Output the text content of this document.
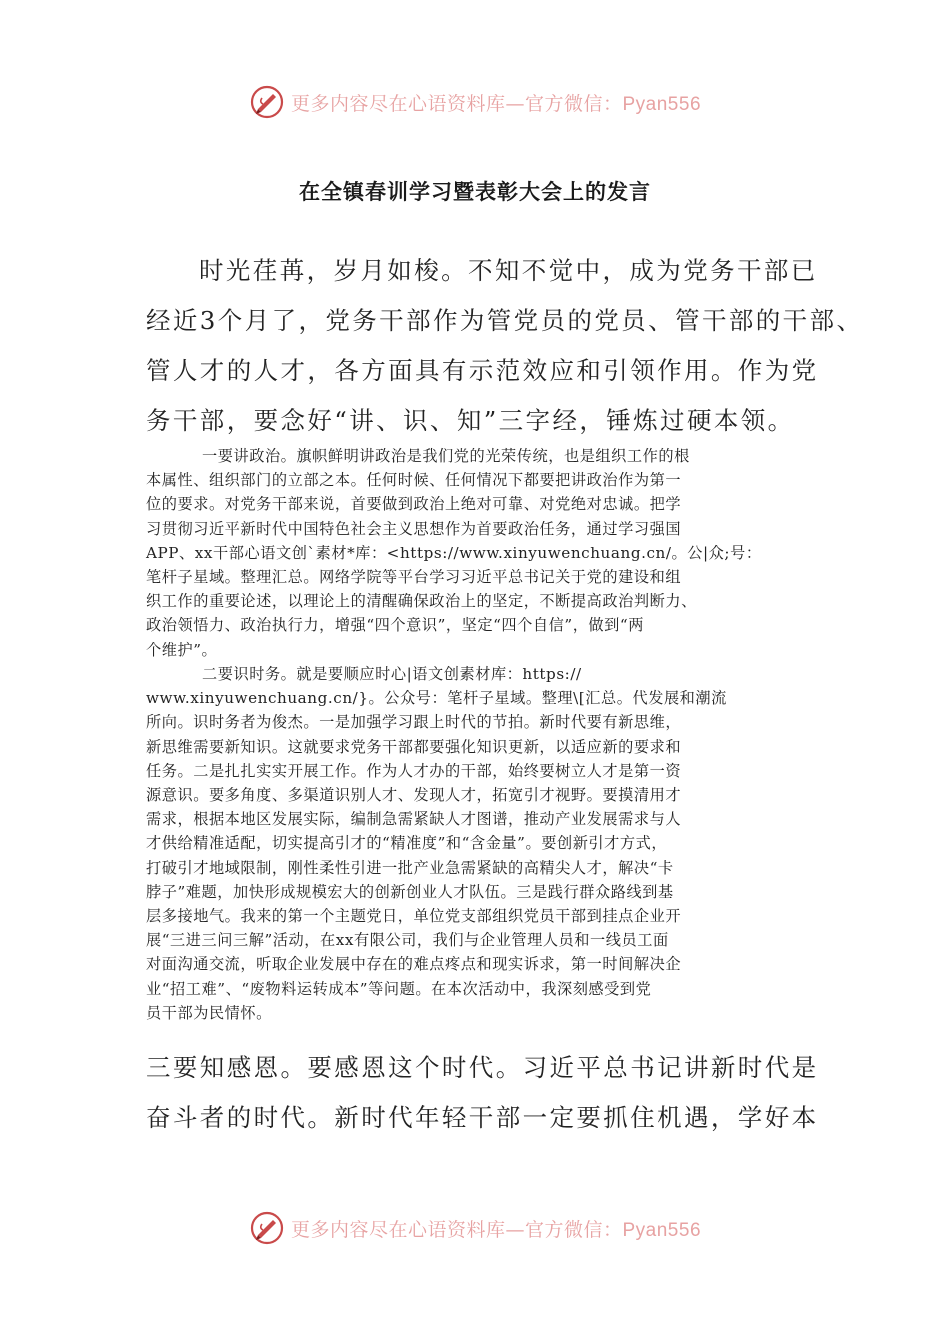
更多内容尽在心语资料库—官方微信：Pyan556
在全镇春训学习暨表彰大会上的发言
时光荏苒，岁月如梭。不知不觉中，成为党务干部已
经近3个月了，党务干部作为管党员的党员、管干部的干部、
管人才的人才，各方面具有示范效应和引领作用。作为党
务干部，要念好“讲、识、知”三字经，锤炼过硬本领。
一要讲政治。旗帜鲜明讲政治是我们党的光荣传统，也是组织工作的根
本属性、组织部门的立部之本。任何时候、任何情况下都要把讲政治作为第一
位的要求。对党务干部来说，首要做到政治上绝对可靠、对党绝对忠诚。把学
习贯彻习近平新时代中国特色社会主义思想作为首要政治任务，通过学习强国
APP、xx干部心语文创`素材*库：<https://www.xinyuwenchuang.cn/。公|众;号：
笔杆子星域。整理汇总。网络学院等平台学习习近平总书记关于党的建设和组
织工作的重要论述，以理论上的清醒确保政治上的坚定，不断提高政治判断力、
政治领悟力、政治执行力，增强“四个意识”，坚定“四个自信”，做到“两
个维护”。
二要识时务。就是要顺应时心|语文创素材库：https://
www.xinyuwenchuang.cn/}。公众号：笔杆子星域。整理\[汇总。代发展和潮流
所向。识时务者为俊杰。一是加强学习跟上时代的节拍。新时代要有新思维，
新思维需要新知识。这就要求党务干部都要强化知识更新，以适应新的要求和
任务。二是扎扎实实开展工作。作为人才办的干部，始终要树立人才是第一资
源意识。要多角度、多渠道识别人才、发现人才，拓宽引才视野。要摸清用才
需求，根据本地区发展实际，编制急需紧缺人才图谱，推动产业发展需求与人
才供给精准适配，切实提高引才的“精准度”和“含金量”。要创新引才方式，
打破引才地域限制，刚性柔性引进一批产业急需紧缺的高精尖人才，解决“卡
脖子”难题，加快形成规模宏大的创新创业人才队伍。三是践行群众路线到基
层多接地气。我来的第一个主题党日，单位党支部组织党员干部到挂点企业开
展“三进三问三解”活动，在xx有限公司，我们与企业管理人员和一线员工面
对面沟通交流，听取企业发展中存在的难点疼点和现实诉求，第一时间解决企
业“招工难”、“废物料运转成本”等问题。在本次活动中，我深刻感受到党
员干部为民情怀。
三要知感恩。要感恩这个时代。习近平总书记讲新时代是
奋斗者的时代。新时代年轻干部一定要抓住机遇，学好本
更多内容尽在心语资料库—官方微信：Pyan556
